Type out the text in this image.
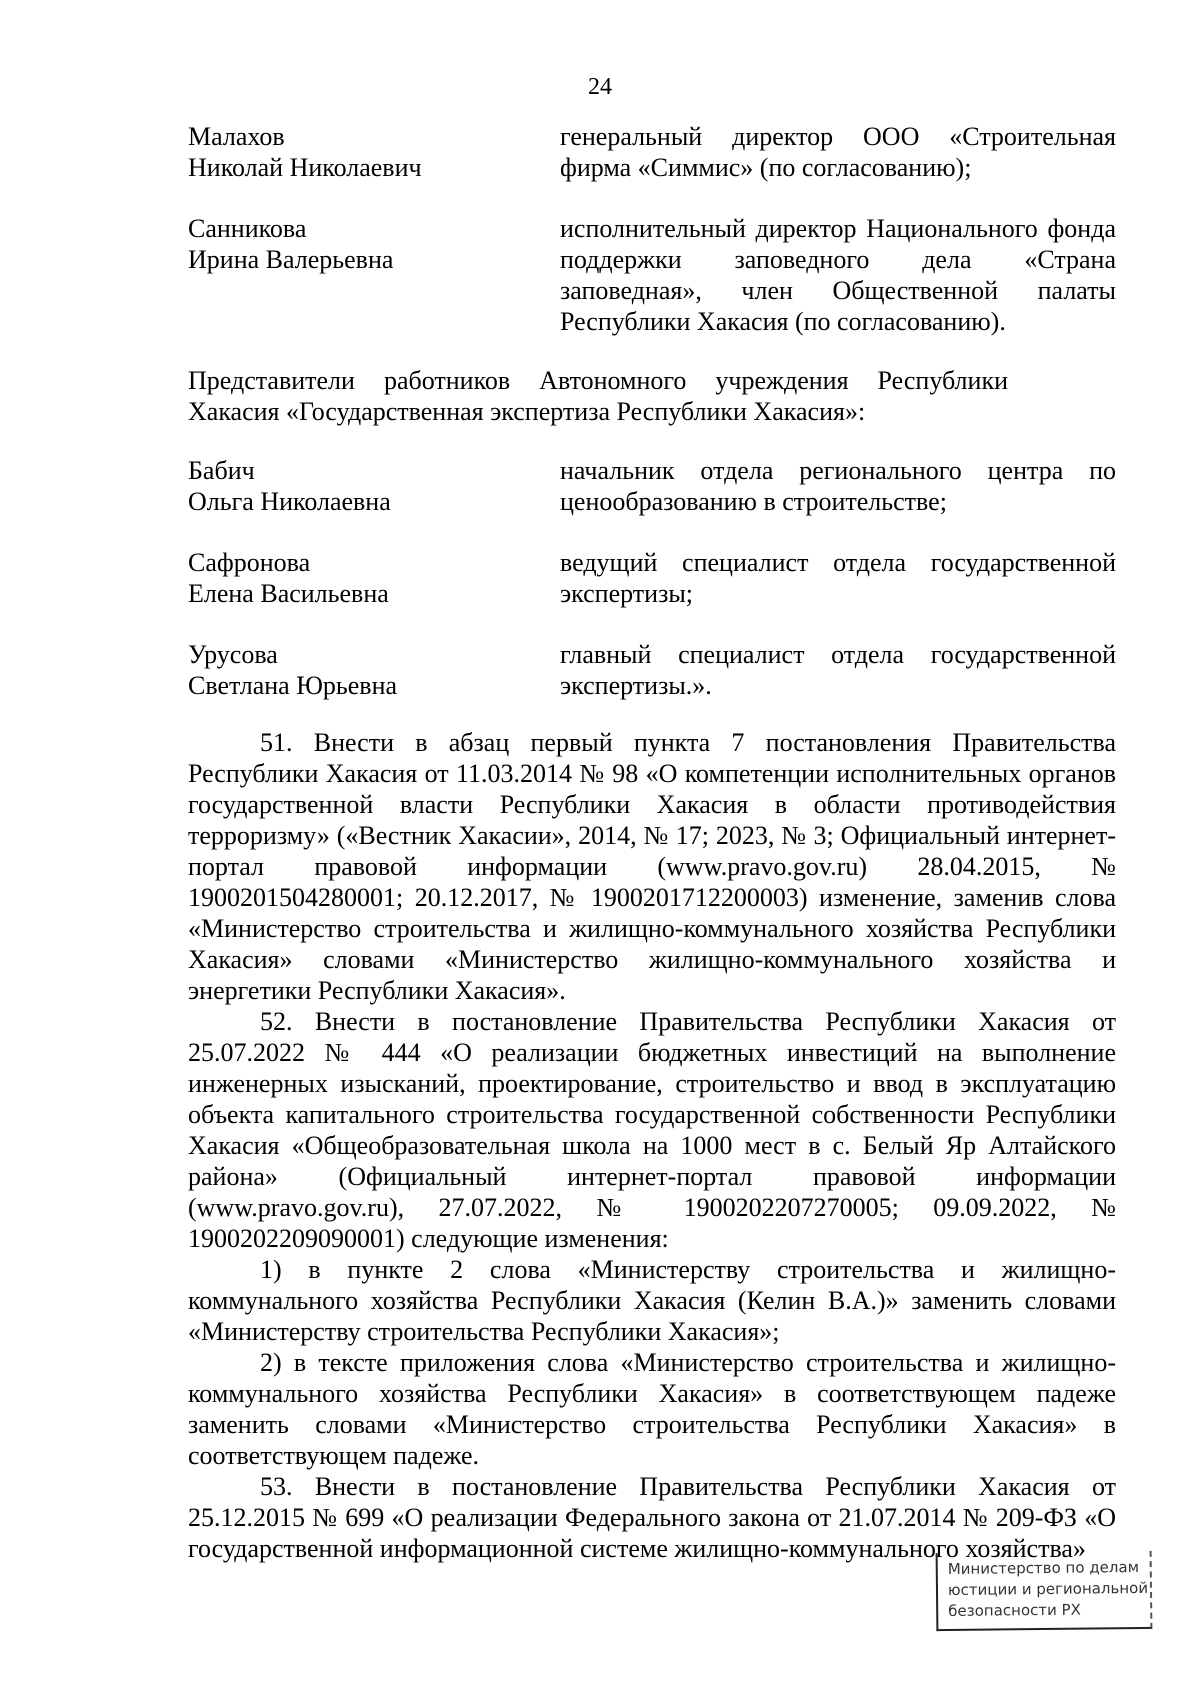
24
Малахов
Николай Николаевич
генеральный директор ООО «Строительная фирма «Симмис» (по согласованию);
Санникова
Ирина Валерьевна
исполнительный директор Национального фонда поддержки заповедного дела «Страна заповедная», член Общественной палаты Республики Хакасия (по согласованию).
Представители работников Автономного учреждения Республики Хакасия «Государственная экспертиза Республики Хакасия»:
Бабич
Ольга Николаевна
начальник отдела регионального центра по ценообразованию в строительстве;
Сафронова
Елена Васильевна
ведущий специалист отдела государственной экспертизы;
Урусова
Светлана Юрьевна
главный специалист отдела государственной экспертизы.».

51. Внести в абзац первый пункта 7 постановления Правительства Республики Хакасия от 11.03.2014 № 98 «О компетенции исполнительных органов государственной власти Республики Хакасия в области противодействия терроризму» («Вестник Хакасии», 2014, № 17; 2023, № 3; Официальный интернет-портал правовой информации (www.pravo.gov.ru) 28.04.2015, № 1900201504280001; 20.12.2017, № 1900201712200003) изменение, заменив слова «Министерство строительства и жилищно-коммунального хозяйства Республики Хакасия» словами «Министерство жилищно-коммунального хозяйства и энергетики Республики Хакасия».

52. Внести в постановление Правительства Республики Хакасия от 25.07.2022 № 444 «О реализации бюджетных инвестиций на выполнение инженерных изысканий, проектирование, строительство и ввод в эксплуатацию объекта капитального строительства государственной собственности Республики Хакасия «Общеобразовательная школа на 1000 мест в с. Белый Яр Алтайского района» (Официальный интернет-портал правовой информации (www.pravo.gov.ru), 27.07.2022, № 1900202207270005; 09.09.2022, № 1900202209090001) следующие изменения:

1) в пункте 2 слова «Министерству строительства и жилищно-коммунального хозяйства Республики Хакасия (Келин В.А.)» заменить словами «Министерству строительства Республики Хакасия»;

2) в тексте приложения слова «Министерство строительства и жилищно-коммунального хозяйства Республики Хакасия» в соответствующем падеже заменить словами «Министерство строительства Республики Хакасия» в соответствующем падеже.

53. Внести в постановление Правительства Республики Хакасия от 25.12.2015 № 699 «О реализации Федерального закона от 21.07.2014 № 209-ФЗ «О государственной информационной системе жилищно-коммунального хозяйства»

Министерство по делам
юстиции и региональной
безопасности РХ
